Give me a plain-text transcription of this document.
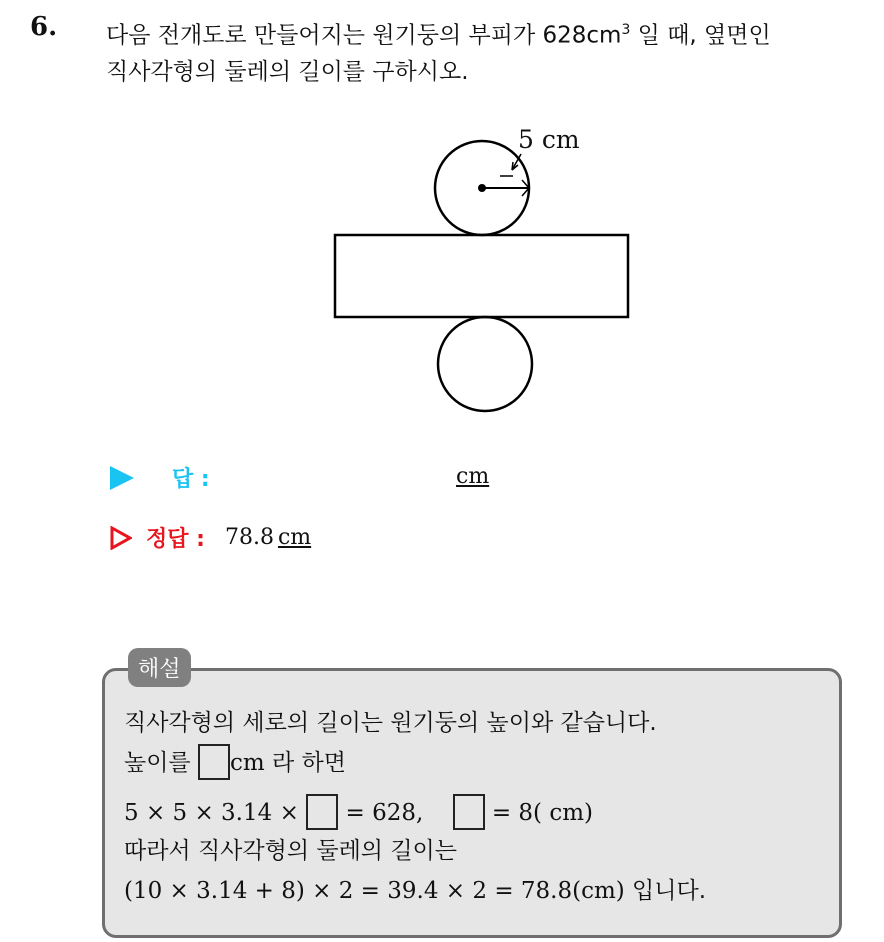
6. 다음 전개도로 만들어지는 원기둥의 부피가 $628cm^3$ 일 때, 옆면인
직사각형의 둘레의 길이를 구하시오.
5 cm
답 :	cm
정답 : 78.8 cm
해설
직사각형의 세로의 길이는 원기둥의 높이와 같습니다.
높이를 cm 라 하면
5 × 5 × 3.14 × = 628,	= 8( cm)
따라서 직사각형의 둘레의 길이는
(10 × 3.14 + 8) × 2 = 39.4 × 2 = 78.8(cm) 입니다.
